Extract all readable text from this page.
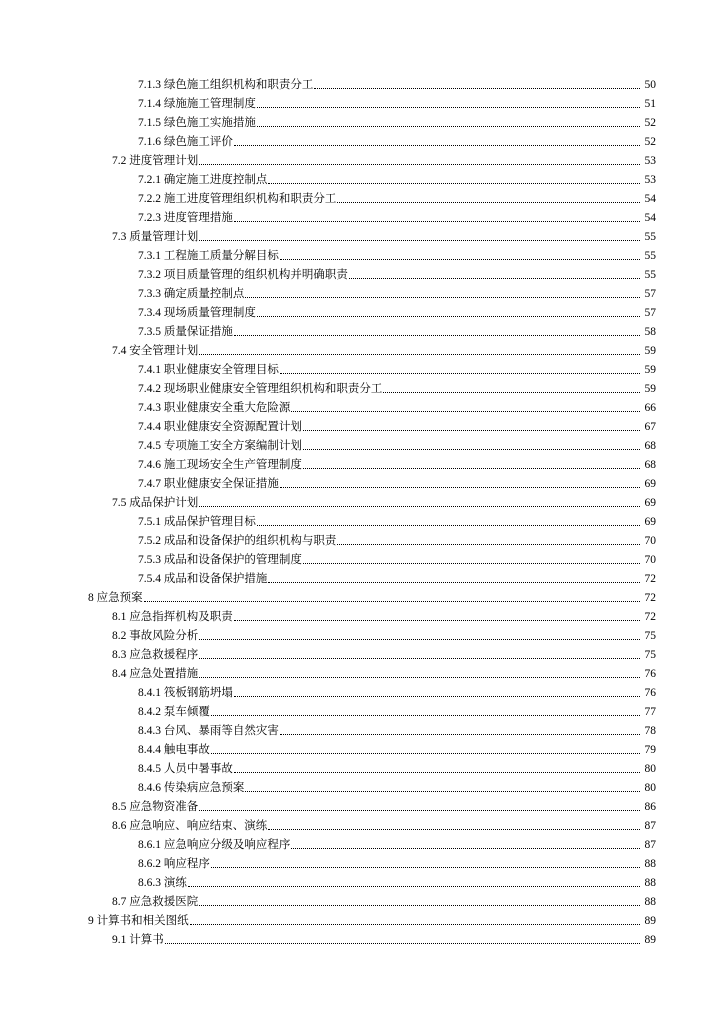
7.1.3 绿色施工组织机构和职责分工	50
7.1.4 绿施施工管理制度	51
7.1.5 绿色施工实施措施	52
7.1.6 绿色施工评价	52
7.2 进度管理计划	53
7.2.1 确定施工进度控制点	53
7.2.2 施工进度管理组织机构和职责分工	54
7.2.3 进度管理措施	54
7.3 质量管理计划	55
7.3.1 工程施工质量分解目标	55
7.3.2 项目质量管理的组织机构并明确职责	55
7.3.3 确定质量控制点	57
7.3.4 现场质量管理制度	57
7.3.5 质量保证措施	58
7.4 安全管理计划	59
7.4.1 职业健康安全管理目标	59
7.4.2 现场职业健康安全管理组织机构和职责分工	59
7.4.3 职业健康安全重大危险源	66
7.4.4 职业健康安全资源配置计划	67
7.4.5 专项施工安全方案编制计划	68
7.4.6 施工现场安全生产管理制度	68
7.4.7 职业健康安全保证措施	69
7.5 成品保护计划	69
7.5.1 成品保护管理目标	69
7.5.2 成品和设备保护的组织机构与职责	70
7.5.3 成品和设备保护的管理制度	70
7.5.4 成品和设备保护措施	72
8 应急预案	72
8.1 应急指挥机构及职责	72
8.2 事故风险分析	75
8.3 应急救援程序	75
8.4 应急处置措施	76
8.4.1 筏板钢筋坍塌	76
8.4.2 泵车倾覆	77
8.4.3 台风、暴雨等自然灾害	78
8.4.4 触电事故	79
8.4.5 人员中暑事故	80
8.4.6 传染病应急预案	80
8.5 应急物资准备	86
8.6 应急响应、响应结束、演练	87
8.6.1 应急响应分级及响应程序	87
8.6.2 响应程序	88
8.6.3 演练	88
8.7 应急救援医院	88
9 计算书和相关图纸	89
9.1 计算书	89
